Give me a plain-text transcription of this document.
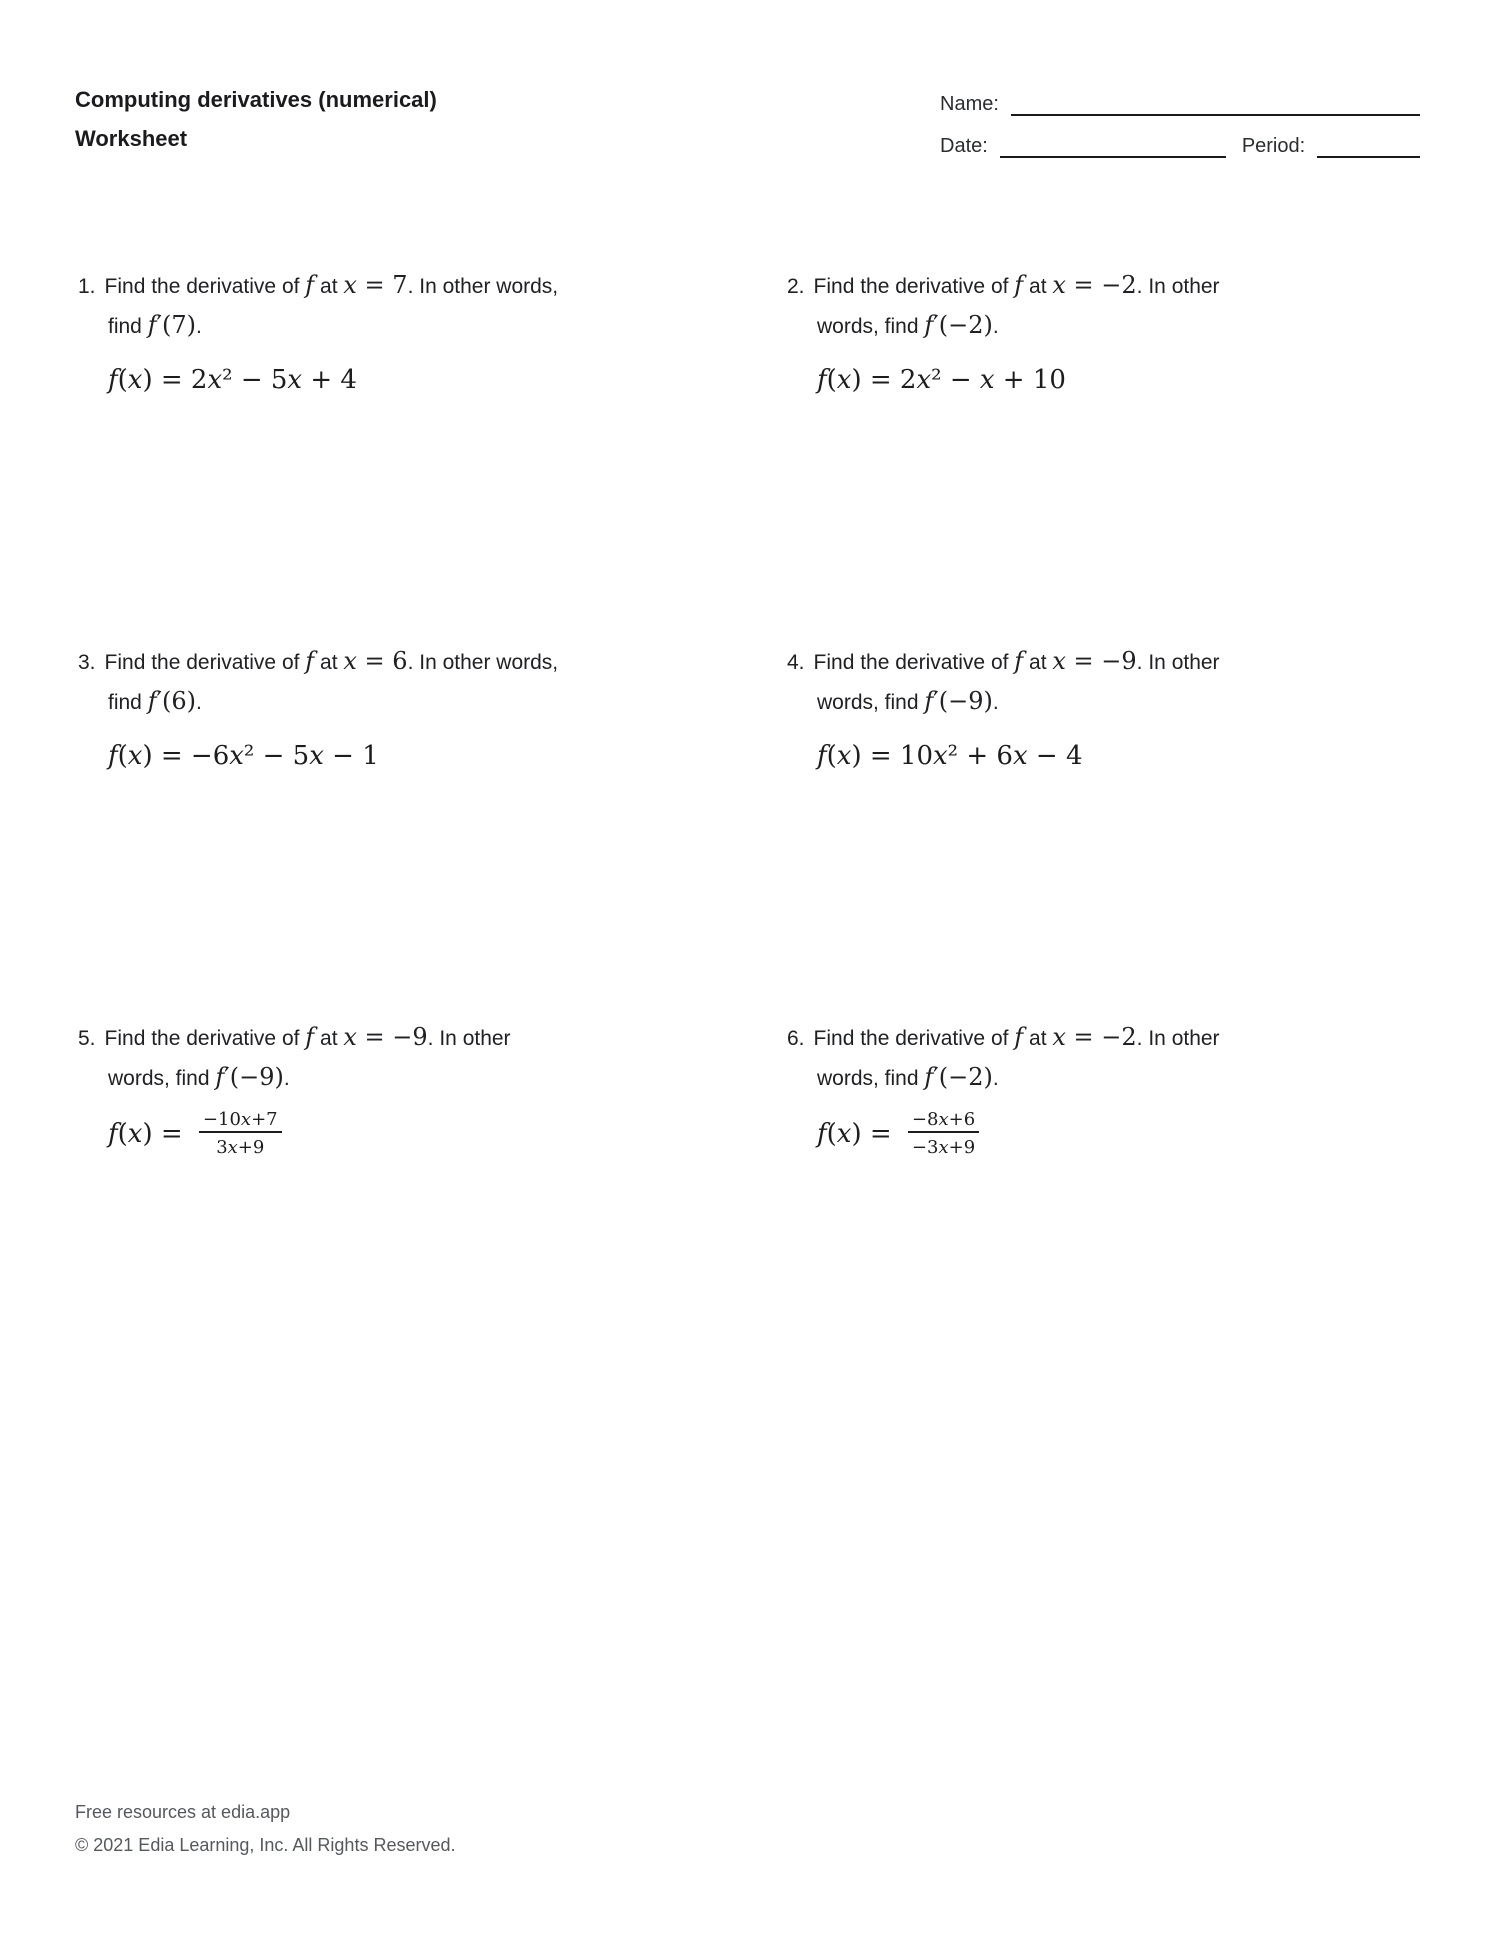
Computing derivatives (numerical)
Worksheet
Name:
Date:	Period:
1. Find the derivative of f at x = 7. In other words,
find f′(7).
f(x) = 2x² − 5x + 4
2. Find the derivative of f at x = −2. In other
words, find f′(−2).
f(x) = 2x² − x + 10
3. Find the derivative of f at x = 6. In other words,
find f′(6).
f(x) = −6x² − 5x − 1
4. Find the derivative of f at x = −9. In other
words, find f′(−9).
f(x) = 10x² + 6x − 4
5. Find the derivative of f at x = −9. In other
words, find f′(−9).
$f(x) = \frac{-10x+7}{3x+9}$
6. Find the derivative of f at x = −2. In other
words, find f′(−2).
$f(x) = \frac{-8x+6}{-3x+9}$
Free resources at edia.app
© 2021 Edia Learning, Inc. All Rights Reserved.
